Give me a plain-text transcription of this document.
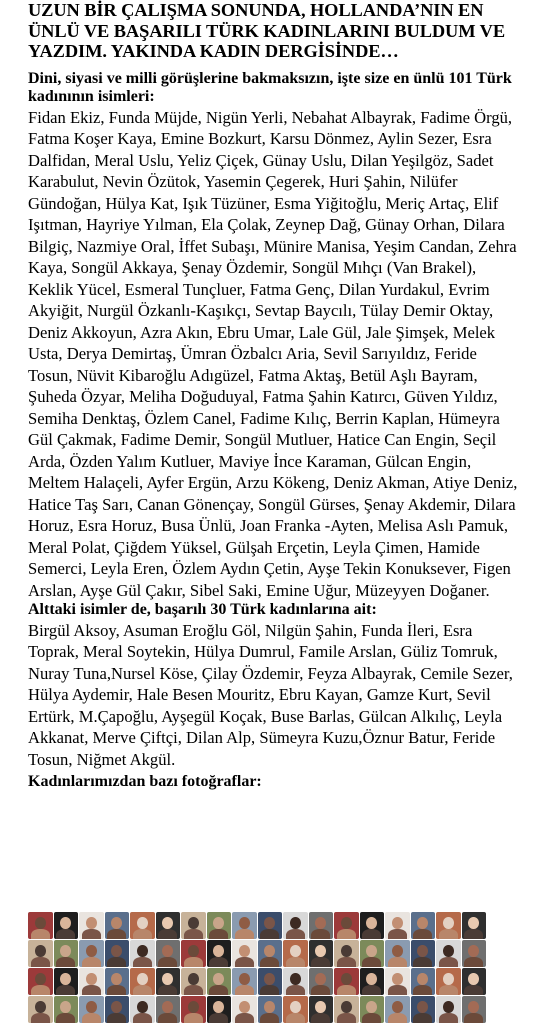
UZUN BİR ÇALIŞMA SONUNDA, HOLLANDA’NIN EN ÜNLÜ VE BAŞARILI TÜRK KADINLARINI BULDUM VE YAZDIM. YAKINDA KADIN DERGİSİNDE…

Dini, siyasi ve milli görüşlerine bakmaksızın, işte size en ünlü 101 Türk kadınının isimleri:

Fidan Ekiz, Funda Müjde, Nigün Yerli, Nebahat Albayrak, Fadime Örgü, Fatma Koşer Kaya, Emine Bozkurt, Karsu Dönmez, Aylin Sezer, Esra Dalfidan, Meral Uslu, Yeliz Çiçek, Günay Uslu, Dilan Yeşilgöz, Sadet Karabulut, Nevin Özütok, Yasemin Çegerek, Huri Şahin, Nilüfer Gündoğan, Hülya Kat, Işık Tüzüner, Esma Yiğitoğlu, Meriç Artaç, Elif Işıtman, Hayriye Yılman, Ela Çolak, Zeynep Dağ, Günay Orhan, Dilara Bilgiç, Nazmiye Oral, İffet Subaşı, Münire Manisa, Yeşim Candan, Zehra Kaya, Songül Akkaya, Şenay Özdemir, Songül Mıhçı (Van Brakel), Keklik Yücel, Esmeral Tunçluer, Fatma Genç, Dilan Yurdakul, Evrim Akyiğit, Nurgül Özkanlı-Kaşıkçı, Sevtap Baycılı, Tülay Demir Oktay, Deniz Akkoyun, Azra Akın, Ebru Umar, Lale Gül, Jale Şimşek, Melek Usta, Derya Demirtaş, Ümran Özbalcı Aria, Sevil Sarıyıldız, Feride Tosun, Nüvit Kibaroğlu Adıgüzel, Fatma Aktaş, Betül Aşlı Bayram, Şuheda Özyar, Meliha Doğuduyal, Fatma Şahin Katırcı, Güven Yıldız, Semiha Denktaş, Özlem Canel, Fadime Kılıç, Berrin Kaplan, Hümeyra Gül Çakmak, Fadime Demir, Songül Mutluer, Hatice Can Engin, Seçil Arda, Özden Yalım Kutluer, Maviye İnce Karaman, Gülcan Engin, Meltem Halaçeli, Ayfer Ergün, Arzu Kökeng, Deniz Akman, Atiye Deniz, Hatice Taş Sarı, Canan Gönençay, Songül Gürses, Şenay Akdemir, Dilara Horuz, Esra Horuz, Busa Ünlü, Joan Franka -Ayten, Melisa Aslı Pamuk, Meral Polat, Çiğdem Yüksel, Gülşah Erçetin, Leyla Çimen, Hamide Semerci, Leyla Eren, Özlem Aydın Çetin, Ayşe Tekin Konuksever, Figen Arslan, Ayşe Gül Çakır, Sibel Saki, Emine Uğur, Müzeyyen Doğaner.

Alttaki isimler de, başarılı 30 Türk kadınlarına ait:

Birgül Aksoy, Asuman Eroğlu Göl, Nilgün Şahin, Funda İleri, Esra Toprak, Meral Soytekin, Hülya Dumrul, Famile Arslan, Güliz Tomruk, Nuray Tuna,Nursel Köse, Çilay Özdemir, Feyza Albayrak, Cemile Sezer, Hülya Aydemir, Hale Besen Mouritz, Ebru Kayan, Gamze Kurt, Sevil Ertürk, M.Çapoğlu, Ayşegül Koçak, Buse Barlas, Gülcan Alkılıç, Leyla Akkanat, Merve Çiftçi, Dilan Alp, Sümeyra Kuzu,Öznur Batur, Feride Tosun, Niğmet Akgül.

Kadınlarımızdan bazı fotoğraflar:
